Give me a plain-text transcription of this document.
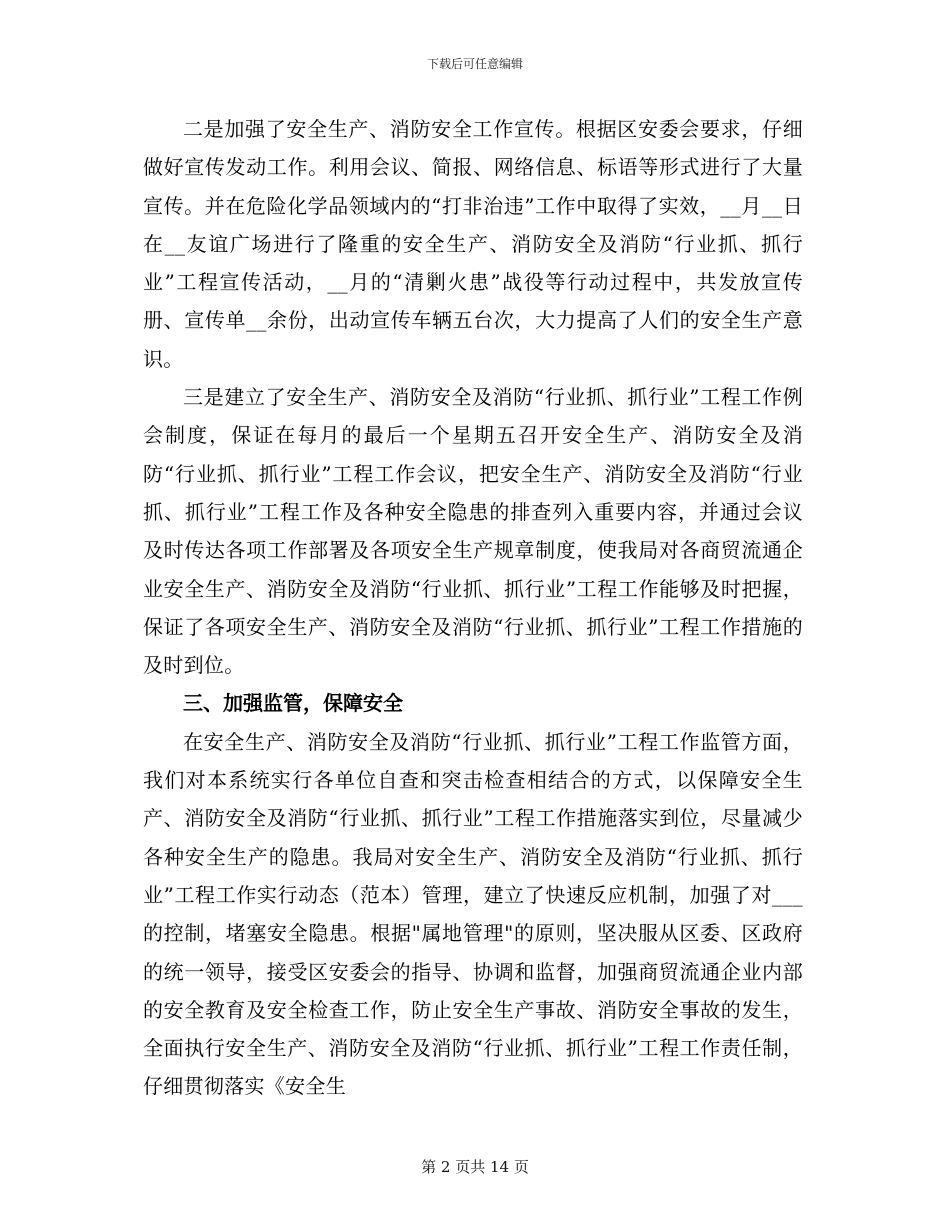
下载后可任意编辑

二是加强了安全生产、消防安全工作宣传。根据区安委会要求，仔细做好宣传发动工作。利用会议、简报、网络信息、标语等形式进行了大量宣传。并在危险化学品领域内的“打非治违”工作中取得了实效，__月__日在__友谊广场进行了隆重的安全生产、消防安全及消防“行业抓、抓行业”工程宣传活动，__月的“清剿火患”战役等行动过程中，共发放宣传册、宣传单__余份，出动宣传车辆五台次，大力提高了人们的安全生产意识。

三是建立了安全生产、消防安全及消防“行业抓、抓行业”工程工作例会制度，保证在每月的最后一个星期五召开安全生产、消防安全及消防“行业抓、抓行业”工程工作会议，把安全生产、消防安全及消防“行业抓、抓行业”工程工作及各种安全隐患的排查列入重要内容，并通过会议及时传达各项工作部署及各项安全生产规章制度，使我局对各商贸流通企业安全生产、消防安全及消防“行业抓、抓行业”工程工作能够及时把握，保证了各项安全生产、消防安全及消防“行业抓、抓行业”工程工作措施的及时到位。

三、加强监管，保障安全

在安全生产、消防安全及消防“行业抓、抓行业”工程工作监管方面，我们对本系统实行各单位自查和突击检查相结合的方式，以保障安全生产、消防安全及消防“行业抓、抓行业”工程工作措施落实到位，尽量减少各种安全生产的隐患。我局对安全生产、消防安全及消防“行业抓、抓行业”工程工作实行动态（范本）管理，建立了快速反应机制，加强了对___的控制，堵塞安全隐患。根据"属地管理"的原则，坚决服从区委、区政府的统一领导，接受区安委会的指导、协调和监督，加强商贸流通企业内部的安全教育及安全检查工作，防止安全生产事故、消防安全事故的发生，全面执行安全生产、消防安全及消防“行业抓、抓行业”工程工作责任制，仔细贯彻落实《安全生

第 2 页共 14 页
